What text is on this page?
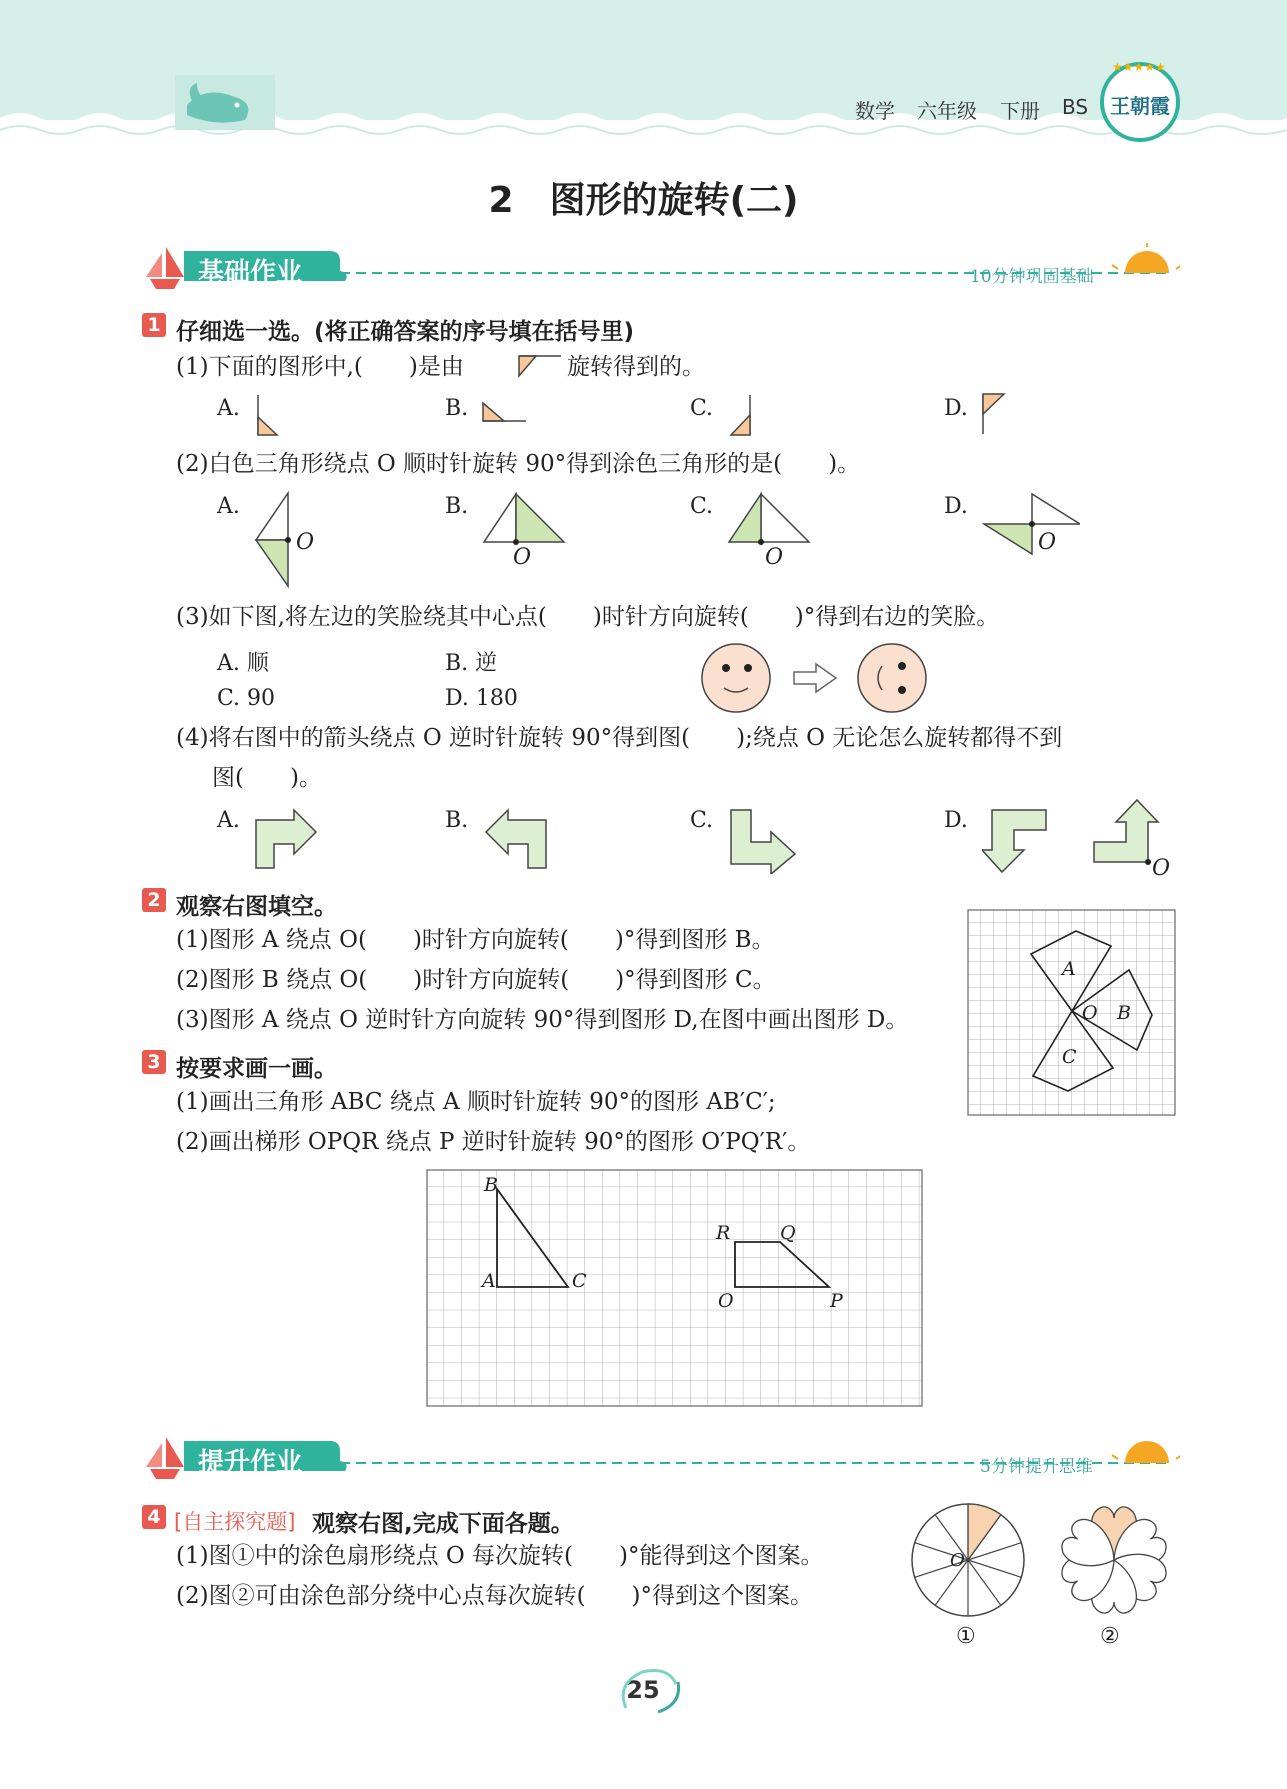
数学 六年级 下册 BS	王朝霞
★★★★★
2　图形的旋转(二)
基础作业	10分钟巩固基础
1 仔细选一选。(将正确答案的序号填在括号里)
(1)下面的图形中,(　　)是由	旋转得到的。
A.	B.	C.	D.
(2)白色三角形绕点 O 顺时针旋转 90°得到涂色三角形的是(　　)。
A.
O
B.
O
C.
O
D.
O
(3)如下图,将左边的笑脸绕其中心点(　　)时针方向旋转(　　)°得到右边的笑脸。
A. 顺	B. 逆
C. 90	D. 180
(4)将右图中的箭头绕点 O 逆时针旋转 90°得到图(　　);绕点 O 无论怎么旋转都得不到
图(　　)。
A.	B.	C.	D.
O
2 观察右图填空。
(1)图形 A 绕点 O(　　)时针方向旋转(　　)°得到图形 B。
(2)图形 B 绕点 O(　　)时针方向旋转(　　)°得到图形 C。
(3)图形 A 绕点 O 逆时针方向旋转 90°得到图形 D,在图中画出图形 D。
A
B
C
O
3 按要求画一画。
(1)画出三角形 ABC 绕点 A 顺时针旋转 90°的图形 AB′C′;
(2)画出梯形 OPQR 绕点 P 逆时针旋转 90°的图形 O′PQ′R′。
B
A	C
R	Q
O	P
提升作业	5分钟提升思维
4 [自主探究题] 观察右图,完成下面各题。
(1)图①中的涂色扇形绕点 O 每次旋转(　　)°能得到这个图案。
(2)图②可由涂色部分绕中心点每次旋转(　　)°得到这个图案。
O
①	②
25
